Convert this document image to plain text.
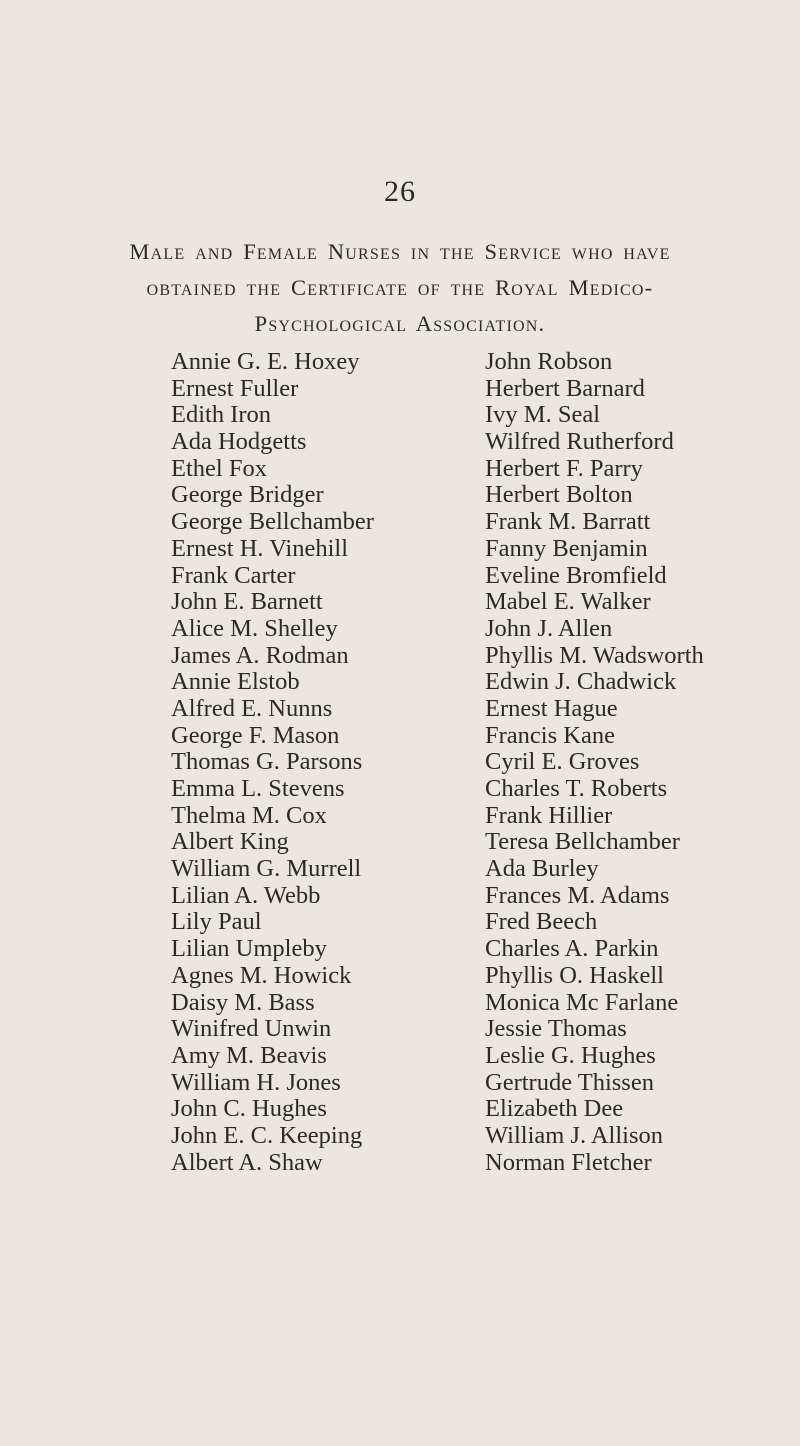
26
Male and Female Nurses in the Service who have
obtained the Certificate of the Royal Medico-
Psychological Association.
Annie G. E. Hoxey
Ernest Fuller
Edith Iron
Ada Hodgetts
Ethel Fox
George Bridger
George Bellchamber
Ernest H. Vinehill
Frank Carter
John E. Barnett
Alice M. Shelley
James A. Rodman
Annie Elstob
Alfred E. Nunns
George F. Mason
Thomas G. Parsons
Emma L. Stevens
Thelma M. Cox
Albert King
William G. Murrell
Lilian A. Webb
Lily Paul
Lilian Umpleby
Agnes M. Howick
Daisy M. Bass
Winifred Unwin
Amy M. Beavis
William H. Jones
John C. Hughes
John E. C. Keeping
Albert A. Shaw
John Robson
Herbert Barnard
Ivy M. Seal
Wilfred Rutherford
Herbert F. Parry
Herbert Bolton
Frank M. Barratt
Fanny Benjamin
Eveline Bromfield
Mabel E. Walker
John J. Allen
Phyllis M. Wadsworth
Edwin J. Chadwick
Ernest Hague
Francis Kane
Cyril E. Groves
Charles T. Roberts
Frank Hillier
Teresa Bellchamber
Ada Burley
Frances M. Adams
Fred Beech
Charles A. Parkin
Phyllis O. Haskell
Monica Mc Farlane
Jessie Thomas
Leslie G. Hughes
Gertrude Thissen
Elizabeth Dee
William J. Allison
Norman Fletcher
